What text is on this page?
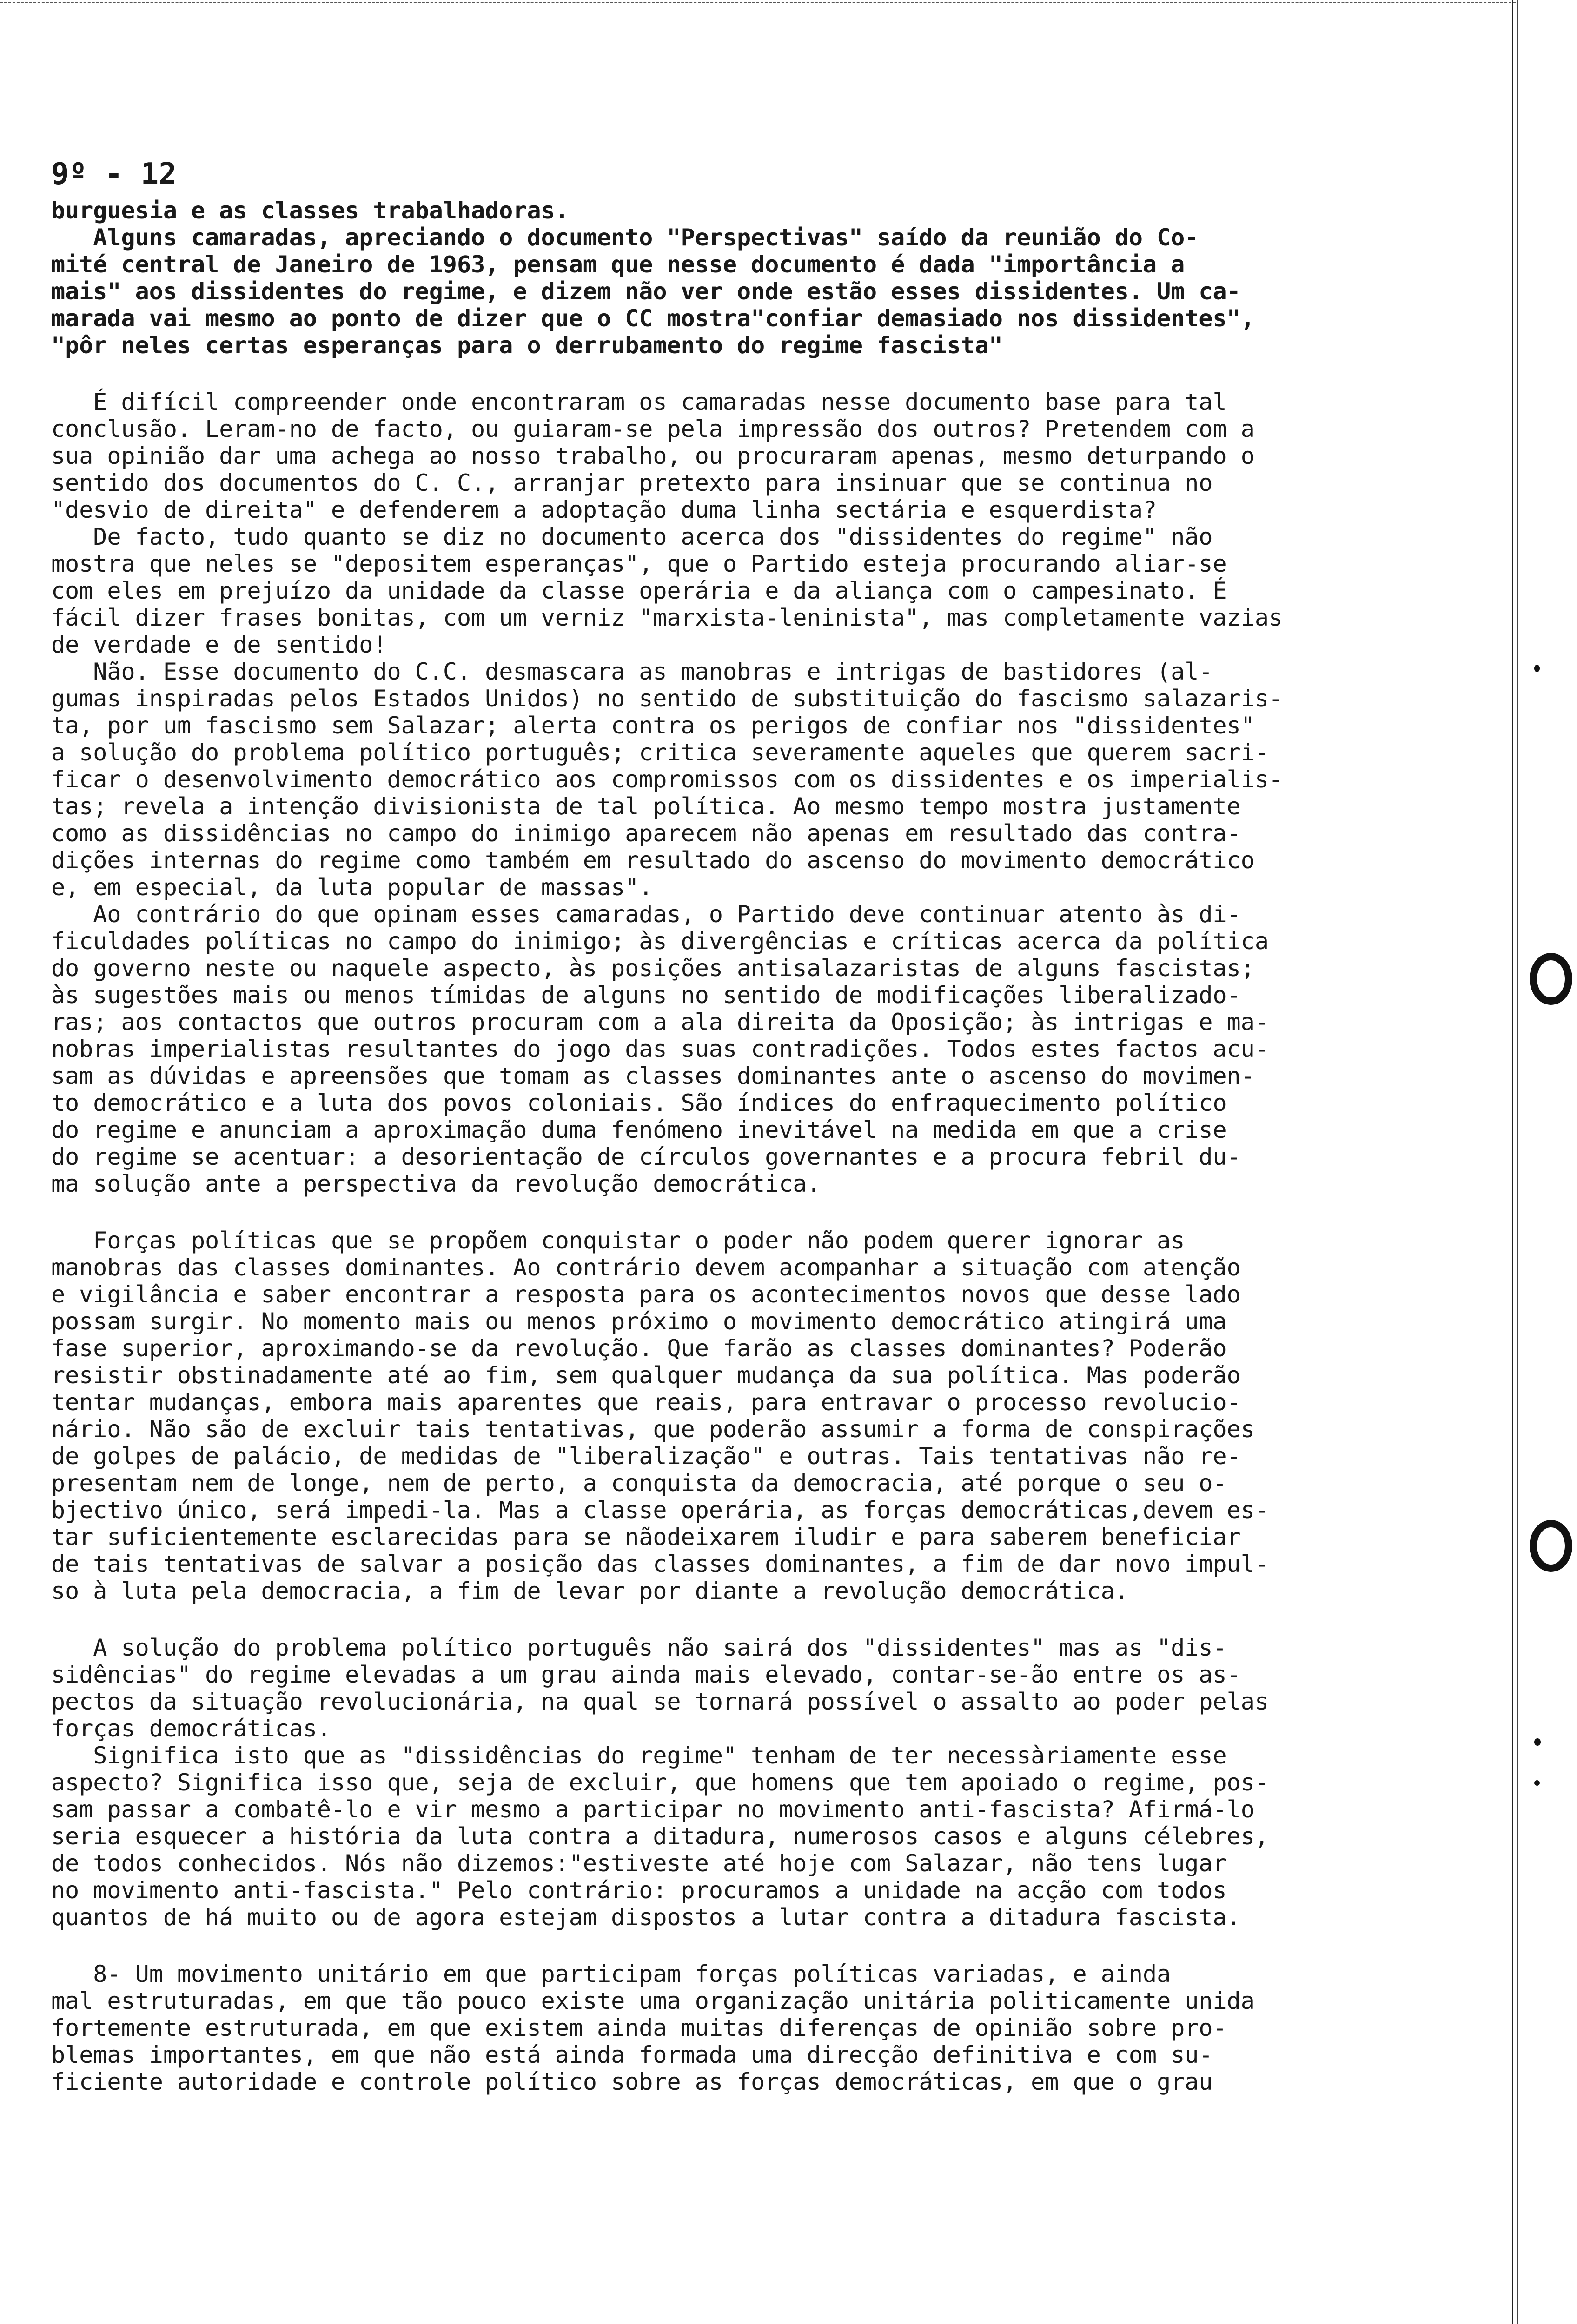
9º - 12
burguesia e as classes trabalhadoras.
Alguns camaradas, apreciando o documento "Perspectivas" saído da reunião do Co-
mité central de Janeiro de 1963, pensam que nesse documento é dada "importância a
mais" aos dissidentes do regime, e dizem não ver onde estão esses dissidentes. Um ca-
marada vai mesmo ao ponto de dizer que o CC mostra"confiar demasiado nos dissidentes",
"pôr neles certas esperanças para o derrubamento do regime fascista"
É difícil compreender onde encontraram os camaradas nesse documento base para tal
conclusão. Leram-no de facto, ou guiaram-se pela impressão dos outros? Pretendem com a
sua opinião dar uma achega ao nosso trabalho, ou procuraram apenas, mesmo deturpando o
sentido dos documentos do C. C., arranjar pretexto para insinuar que se continua no
"desvio de direita" e defenderem a adoptação duma linha sectária e esquerdista?
De facto, tudo quanto se diz no documento acerca dos "dissidentes do regime" não
mostra que neles se "depositem esperanças", que o Partido esteja procurando aliar-se
com eles em prejuízo da unidade da classe operária e da aliança com o campesinato. É
fácil dizer frases bonitas, com um verniz "marxista-leninista", mas completamente vazias
de verdade e de sentido!
Não. Esse documento do C.C. desmascara as manobras e intrigas de bastidores (al-
gumas inspiradas pelos Estados Unidos) no sentido de substituição do fascismo salazaris-
ta, por um fascismo sem Salazar; alerta contra os perigos de confiar nos "dissidentes"
a solução do problema político português; critica severamente aqueles que querem sacri-
ficar o desenvolvimento democrático aos compromissos com os dissidentes e os imperialis-
tas; revela a intenção divisionista de tal política. Ao mesmo tempo mostra justamente
como as dissidências no campo do inimigo aparecem não apenas em resultado das contra-
dições internas do regime como também em resultado do ascenso do movimento democrático
e, em especial, da luta popular de massas".
Ao contrário do que opinam esses camaradas, o Partido deve continuar atento às di-
ficuldades políticas no campo do inimigo; às divergências e críticas acerca da política
do governo neste ou naquele aspecto, às posições antisalazaristas de alguns fascistas;
às sugestões mais ou menos tímidas de alguns no sentido de modificações liberalizado-
ras; aos contactos que outros procuram com a ala direita da Oposição; às intrigas e ma-
nobras imperialistas resultantes do jogo das suas contradições. Todos estes factos acu-
sam as dúvidas e apreensões que tomam as classes dominantes ante o ascenso do movimen-
to democrático e a luta dos povos coloniais. São índices do enfraquecimento político
do regime e anunciam a aproximação duma fenómeno inevitável na medida em que a crise
do regime se acentuar: a desorientação de círculos governantes e a procura febril du-
ma solução ante a perspectiva da revolução democrática.
Forças políticas que se propõem conquistar o poder não podem querer ignorar as
manobras das classes dominantes. Ao contrário devem acompanhar a situação com atenção
e vigilância e saber encontrar a resposta para os acontecimentos novos que desse lado
possam surgir. No momento mais ou menos próximo o movimento democrático atingirá uma
fase superior, aproximando-se da revolução. Que farão as classes dominantes? Poderão
resistir obstinadamente até ao fim, sem qualquer mudança da sua política. Mas poderão
tentar mudanças, embora mais aparentes que reais, para entravar o processo revolucio-
nário. Não são de excluir tais tentativas, que poderão assumir a forma de conspirações
de golpes de palácio, de medidas de "liberalização" e outras. Tais tentativas não re-
presentam nem de longe, nem de perto, a conquista da democracia, até porque o seu o-
bjectivo único, será impedi-la. Mas a classe operária, as forças democráticas,devem es-
tar suficientemente esclarecidas para se nãodeixarem iludir e para saberem beneficiar
de tais tentativas de salvar a posição das classes dominantes, a fim de dar novo impul-
so à luta pela democracia, a fim de levar por diante a revolução democrática.
A solução do problema político português não sairá dos "dissidentes" mas as "dis-
sidências" do regime elevadas a um grau ainda mais elevado, contar-se-ão entre os as-
pectos da situação revolucionária, na qual se tornará possível o assalto ao poder pelas
forças democráticas.
Significa isto que as "dissidências do regime" tenham de ter necessàriamente esse
aspecto? Significa isso que, seja de excluir, que homens que tem apoiado o regime, pos-
sam passar a combatê-lo e vir mesmo a participar no movimento anti-fascista? Afirmá-lo
seria esquecer a história da luta contra a ditadura, numerosos casos e alguns célebres,
de todos conhecidos. Nós não dizemos:"estiveste até hoje com Salazar, não tens lugar
no movimento anti-fascista." Pelo contrário: procuramos a unidade na acção com todos
quantos de há muito ou de agora estejam dispostos a lutar contra a ditadura fascista.
8- Um movimento unitário em que participam forças políticas variadas, e ainda
mal estruturadas, em que tão pouco existe uma organização unitária politicamente unida
fortemente estruturada, em que existem ainda muitas diferenças de opinião sobre pro-
blemas importantes, em que não está ainda formada uma direcção definitiva e com su-
ficiente autoridade e controle político sobre as forças democráticas, em que o grau
